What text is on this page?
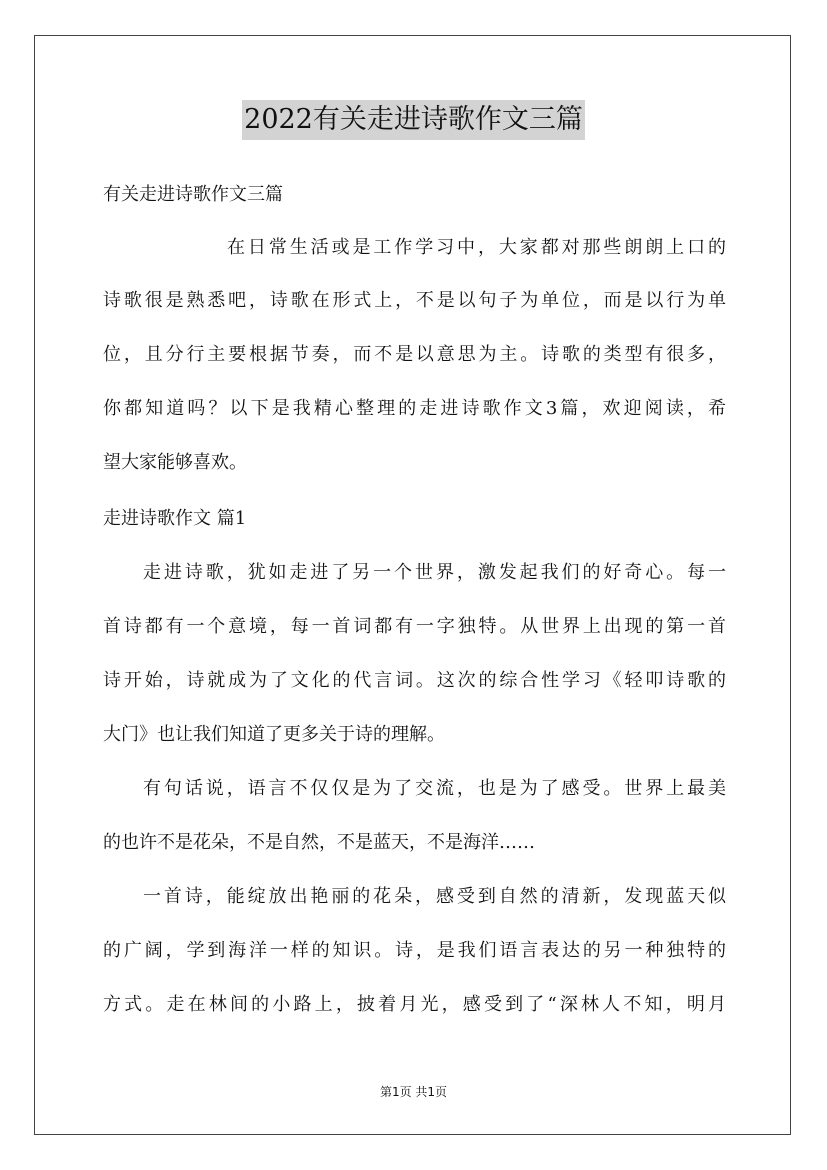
2022有关走进诗歌作文三篇
有关走进诗歌作文三篇
在日常生活或是工作学习中，大家都对那些朗朗上口的
诗歌很是熟悉吧，诗歌在形式上，不是以句子为单位，而是以行为单
位，且分行主要根据节奏，而不是以意思为主。诗歌的类型有很多，
你都知道吗？以下是我精心整理的走进诗歌作文3篇，欢迎阅读，希
望大家能够喜欢。
走进诗歌作文 篇1
走进诗歌，犹如走进了另一个世界，激发起我们的好奇心。每一
首诗都有一个意境，每一首词都有一字独特。从世界上出现的第一首
诗开始，诗就成为了文化的代言词。这次的综合性学习《轻叩诗歌的
大门》也让我们知道了更多关于诗的理解。
有句话说，语言不仅仅是为了交流，也是为了感受。世界上最美
的也许不是花朵，不是自然，不是蓝天，不是海洋……
一首诗，能绽放出艳丽的花朵，感受到自然的清新，发现蓝天似
的广阔，学到海洋一样的知识。诗，是我们语言表达的另一种独特的
方式。走在林间的小路上，披着月光，感受到了“深林人不知，明月
第1页 共1页
